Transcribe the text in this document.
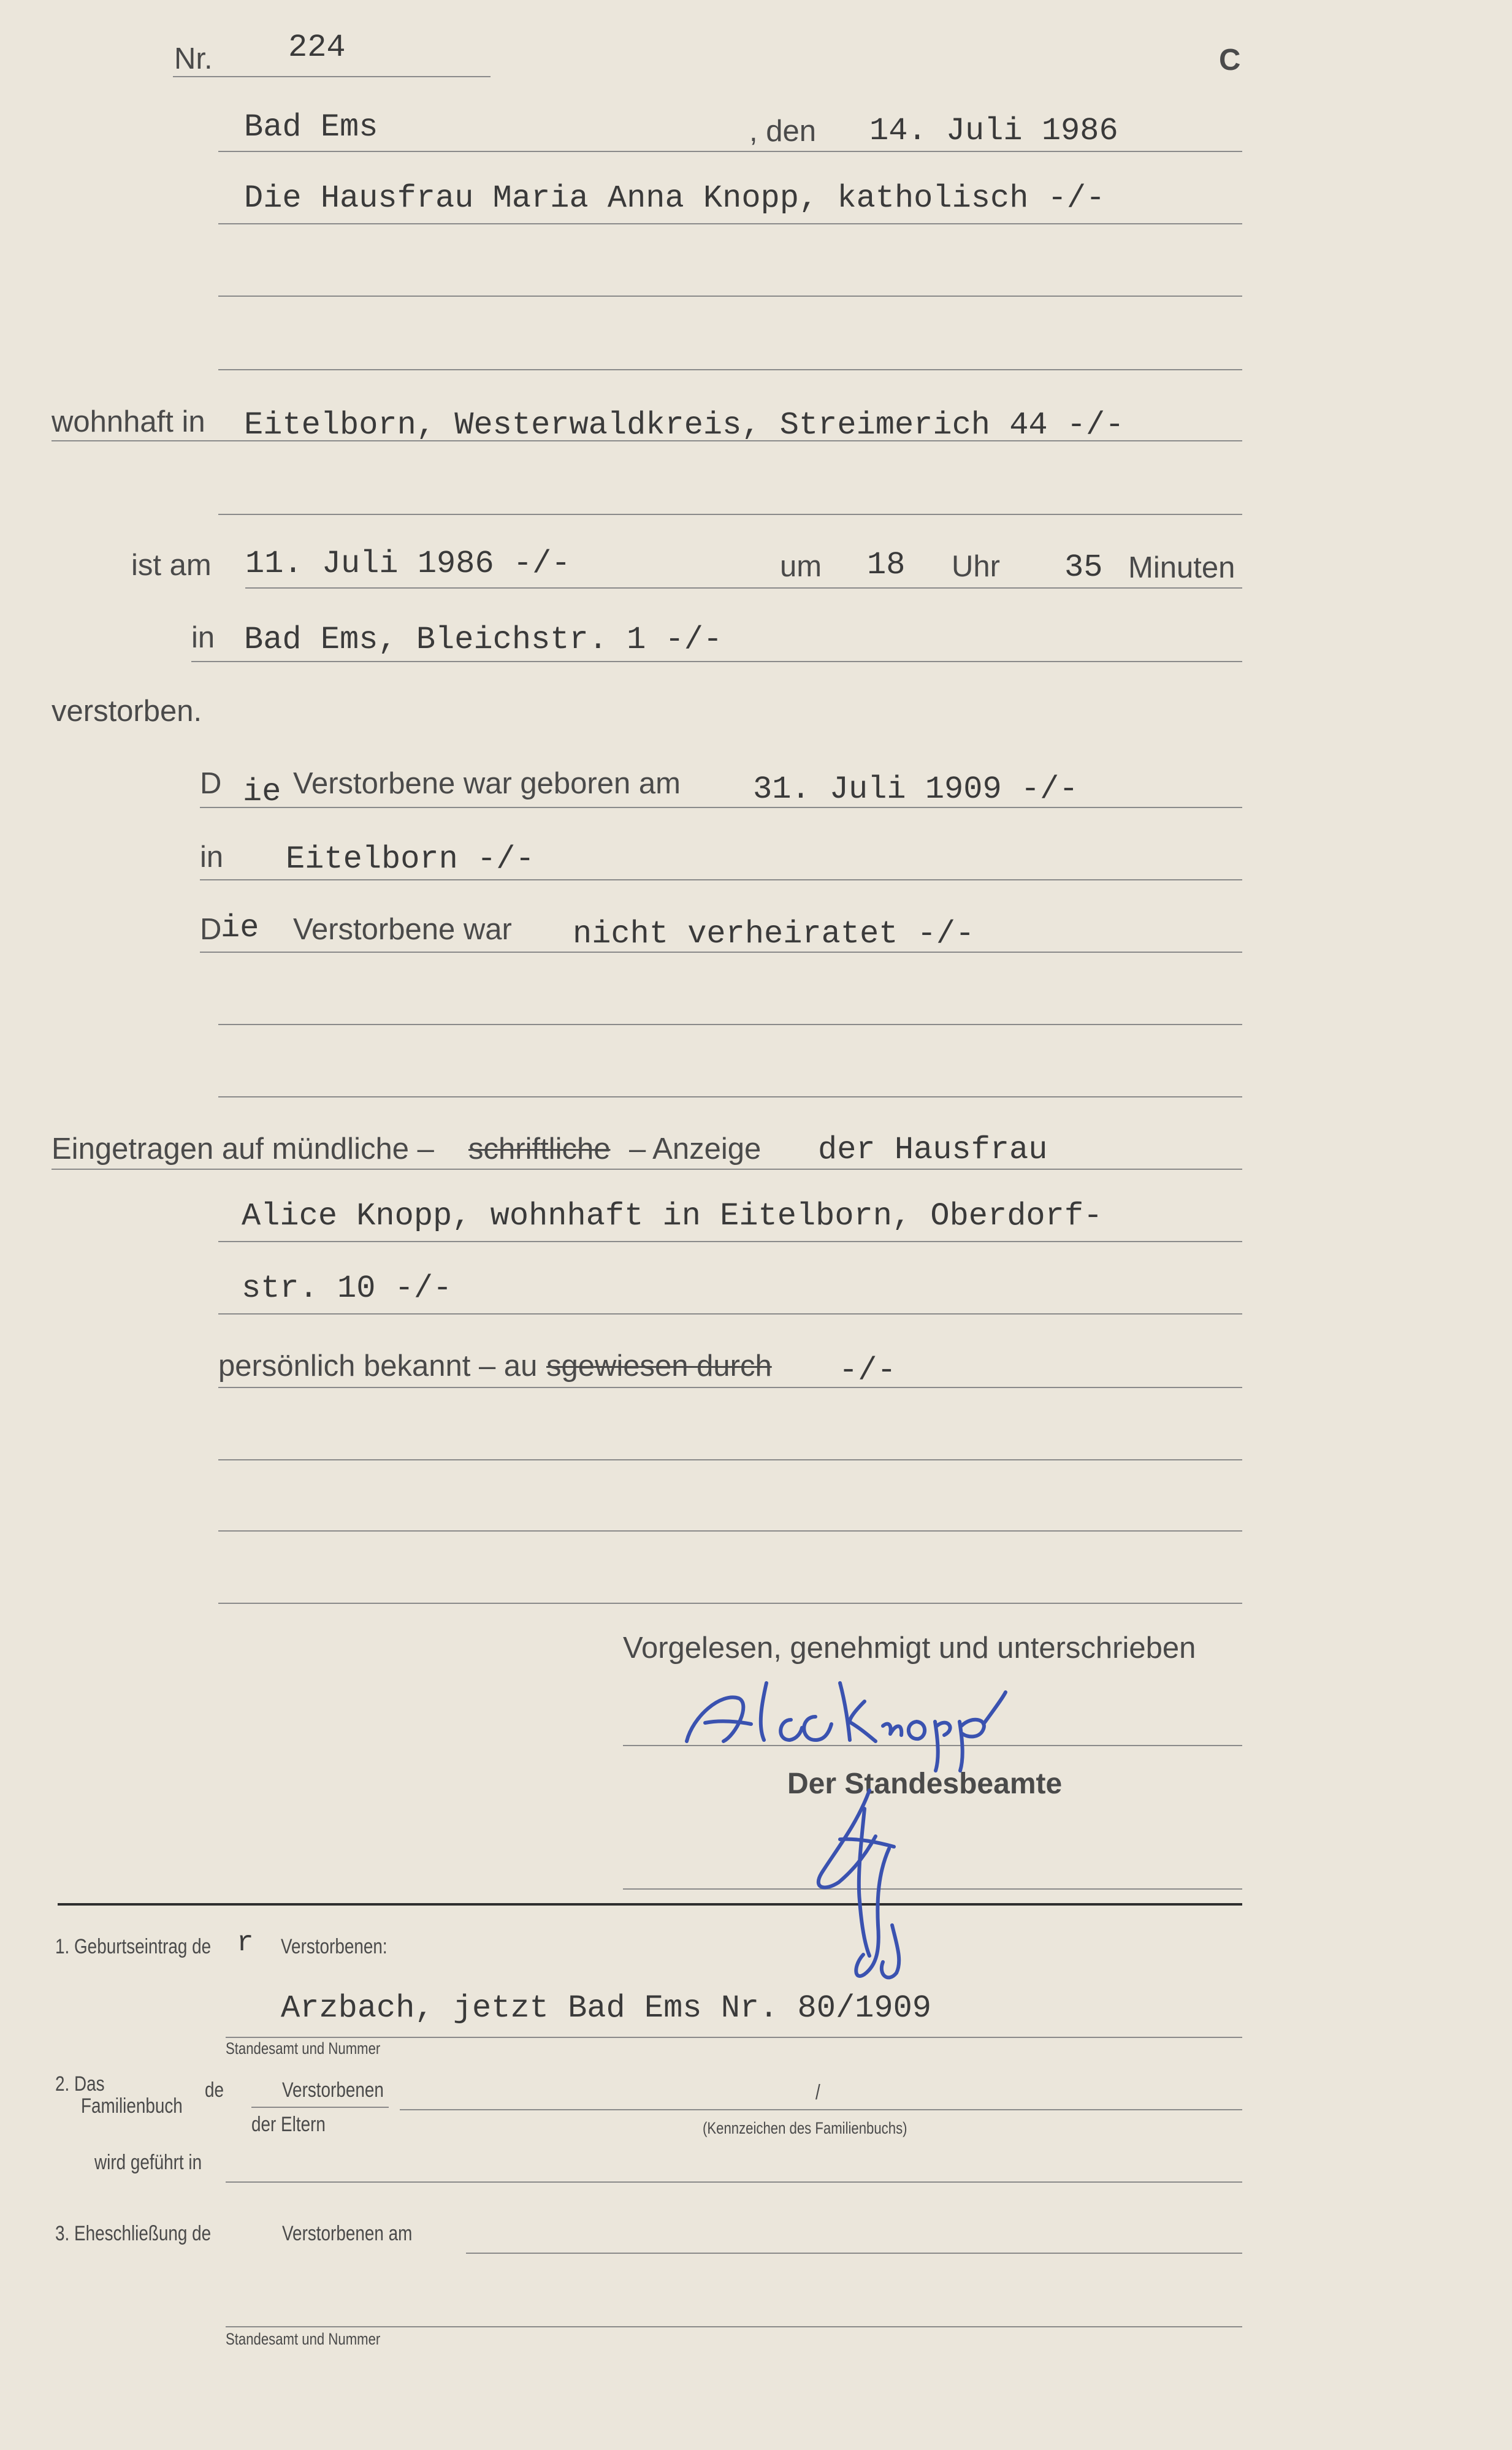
Nr. 224	C
Bad Ems	, den 14. Juli 1986
Die Hausfrau Maria Anna Knopp, katholisch -/-
wohnhaft in Eitelborn, Westerwaldkreis, Streimerich 44 -/-
ist am 11. Juli 1986 -/-	um 18 Uhr 35 Minuten
in Bad Ems, Bleichstr. 1 -/-
verstorben.
D ie Verstorbene war geboren am 31. Juli 1909 -/-
in Eitelborn -/-
D
ie Verstorbene war nicht verheiratet -/-
Eingetragen auf mündliche – schriftliche – Anzeige der Hausfrau
Alice Knopp, wohnhaft in Eitelborn, Oberdorf-
str. 10 -/-
persönlich bekannt – au sgewiesen durch -/-
Vorgelesen, genehmigt und unterschrieben
Der Standesbeamte
1. Geburtseintrag de r Verstorbenen:
Arzbach, jetzt Bad Ems Nr. 80/1909
Standesamt und Nummer
2. Das
Familienbuch
de	Verstorbenen	/
der Eltern	(Kennzeichen des Familienbuchs)
wird geführt in
3. Eheschließung de	Verstorbenen am
Standesamt und Nummer
